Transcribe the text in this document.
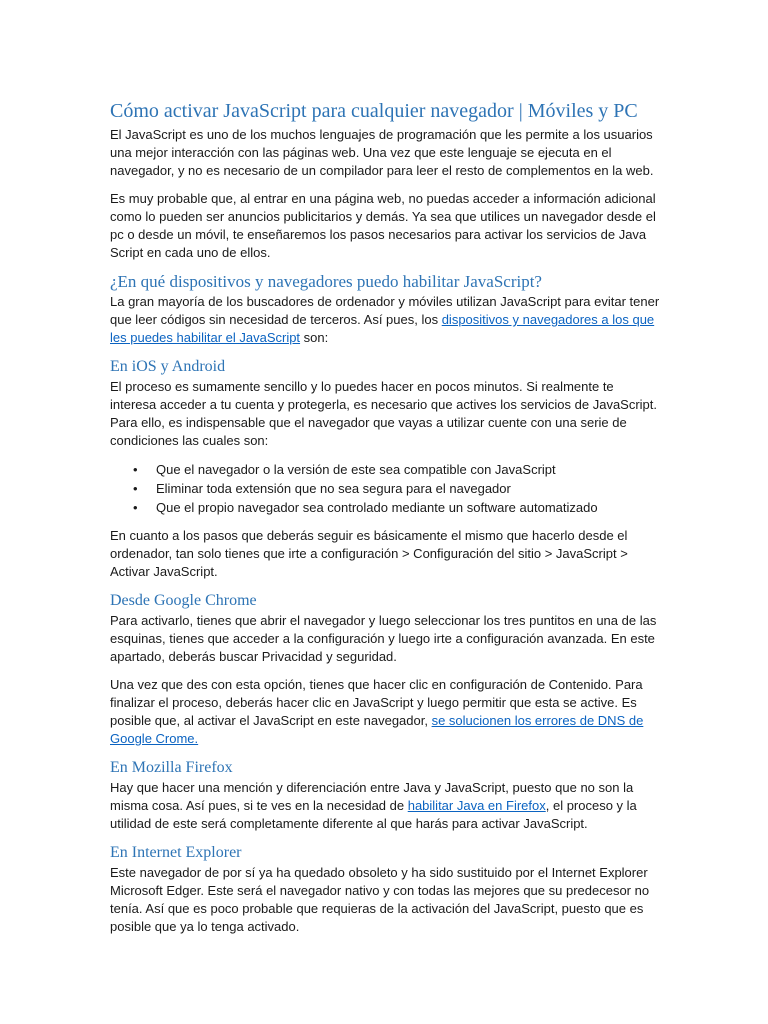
Cómo activar JavaScript para cualquier navegador | Móviles y PC

El JavaScript es uno de los muchos lenguajes de programación que les permite a los usuarios una mejor interacción con las páginas web. Una vez que este lenguaje se ejecuta en el navegador, y no es necesario de un compilador para leer el resto de complementos en la web.

Es muy probable que, al entrar en una página web, no puedas acceder a información adicional como lo pueden ser anuncios publicitarios y demás. Ya sea que utilices un navegador desde el pc o desde un móvil, te enseñaremos los pasos necesarios para activar los servicios de Java Script en cada uno de ellos.

¿En qué dispositivos y navegadores puedo habilitar JavaScript?

La gran mayoría de los buscadores de ordenador y móviles utilizan JavaScript para evitar tener que leer códigos sin necesidad de terceros. Así pues, los dispositivos y navegadores a los que les puedes habilitar el JavaScript son:

En iOS y Android

El proceso es sumamente sencillo y lo puedes hacer en pocos minutos. Si realmente te interesa acceder a tu cuenta y protegerla, es necesario que actives los servicios de JavaScript. Para ello, es indispensable que el navegador que vayas a utilizar cuente con una serie de condiciones las cuales son:

• Que el navegador o la versión de este sea compatible con JavaScript
• Eliminar toda extensión que no sea segura para el navegador
• Que el propio navegador sea controlado mediante un software automatizado

En cuanto a los pasos que deberás seguir es básicamente el mismo que hacerlo desde el ordenador, tan solo tienes que irte a configuración > Configuración del sitio > JavaScript > Activar JavaScript.

Desde Google Chrome

Para activarlo, tienes que abrir el navegador y luego seleccionar los tres puntitos en una de las esquinas, tienes que acceder a la configuración y luego irte a configuración avanzada. En este apartado, deberás buscar Privacidad y seguridad.

Una vez que des con esta opción, tienes que hacer clic en configuración de Contenido. Para finalizar el proceso, deberás hacer clic en JavaScript y luego permitir que esta se active. Es posible que, al activar el JavaScript en este navegador, se solucionen los errores de DNS de Google Crome.

En Mozilla Firefox

Hay que hacer una mención y diferenciación entre Java y JavaScript, puesto que no son la misma cosa. Así pues, si te ves en la necesidad de habilitar Java en Firefox, el proceso y la utilidad de este será completamente diferente al que harás para activar JavaScript.

En Internet Explorer

Este navegador de por sí ya ha quedado obsoleto y ha sido sustituido por el Internet Explorer Microsoft Edger. Este será el navegador nativo y con todas las mejores que su predecesor no tenía. Así que es poco probable que requieras de la activación del JavaScript, puesto que es posible que ya lo tenga activado.
